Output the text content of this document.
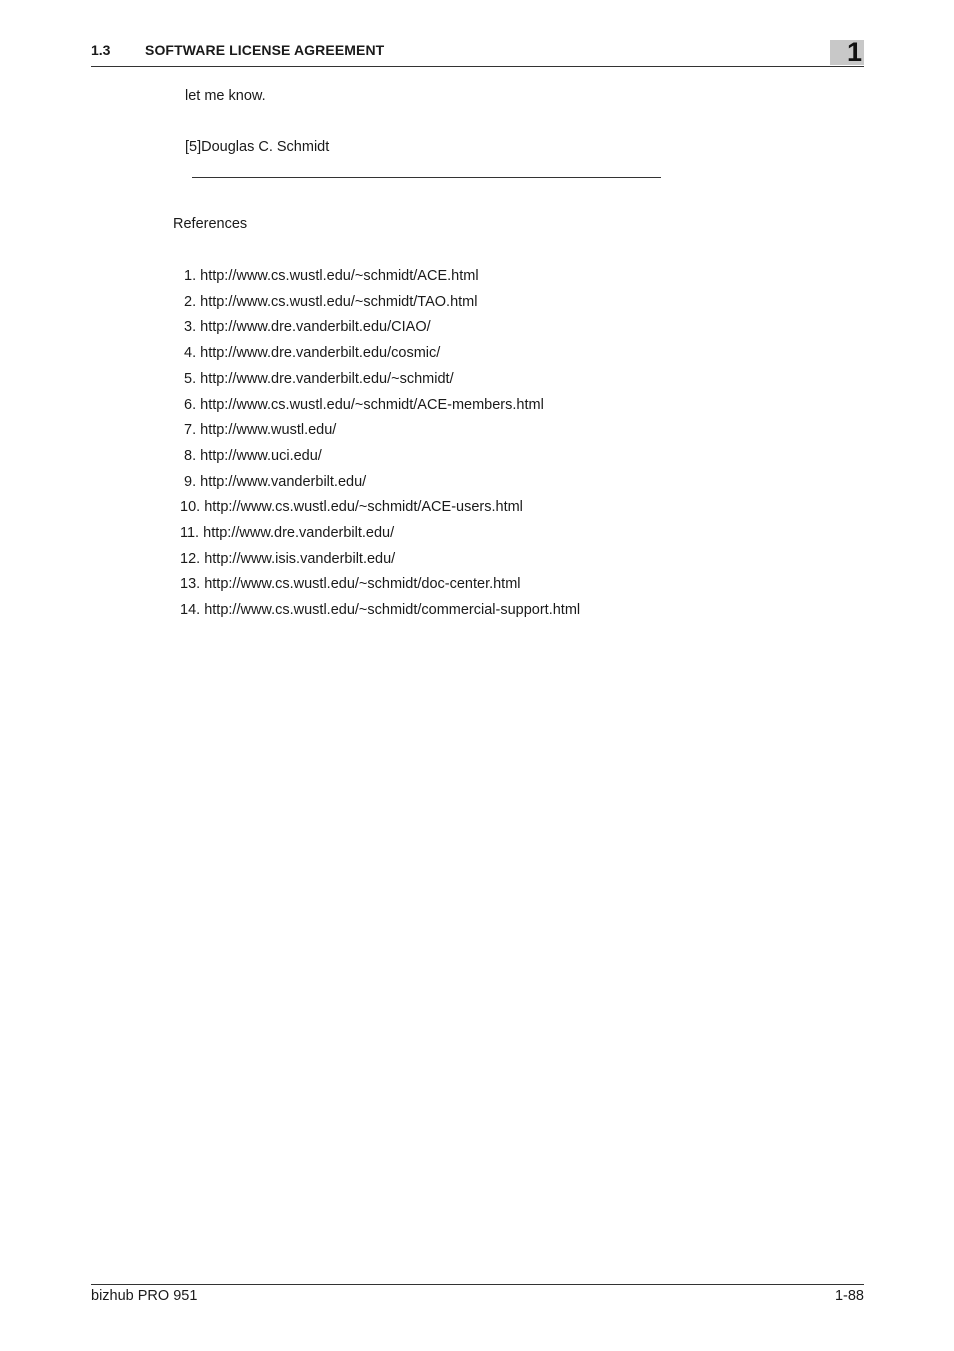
1.3 SOFTWARE LICENSE AGREEMENT	1
let me know.
[5]Douglas C. Schmidt
References
1. http://www.cs.wustl.edu/~schmidt/ACE.html
2. http://www.cs.wustl.edu/~schmidt/TAO.html
3. http://www.dre.vanderbilt.edu/CIAO/
4. http://www.dre.vanderbilt.edu/cosmic/
5. http://www.dre.vanderbilt.edu/~schmidt/
6. http://www.cs.wustl.edu/~schmidt/ACE-members.html
7. http://www.wustl.edu/
8. http://www.uci.edu/
9. http://www.vanderbilt.edu/
10. http://www.cs.wustl.edu/~schmidt/ACE-users.html
11. http://www.dre.vanderbilt.edu/
12. http://www.isis.vanderbilt.edu/
13. http://www.cs.wustl.edu/~schmidt/doc-center.html
14. http://www.cs.wustl.edu/~schmidt/commercial-support.html
bizhub PRO 951	1-88
